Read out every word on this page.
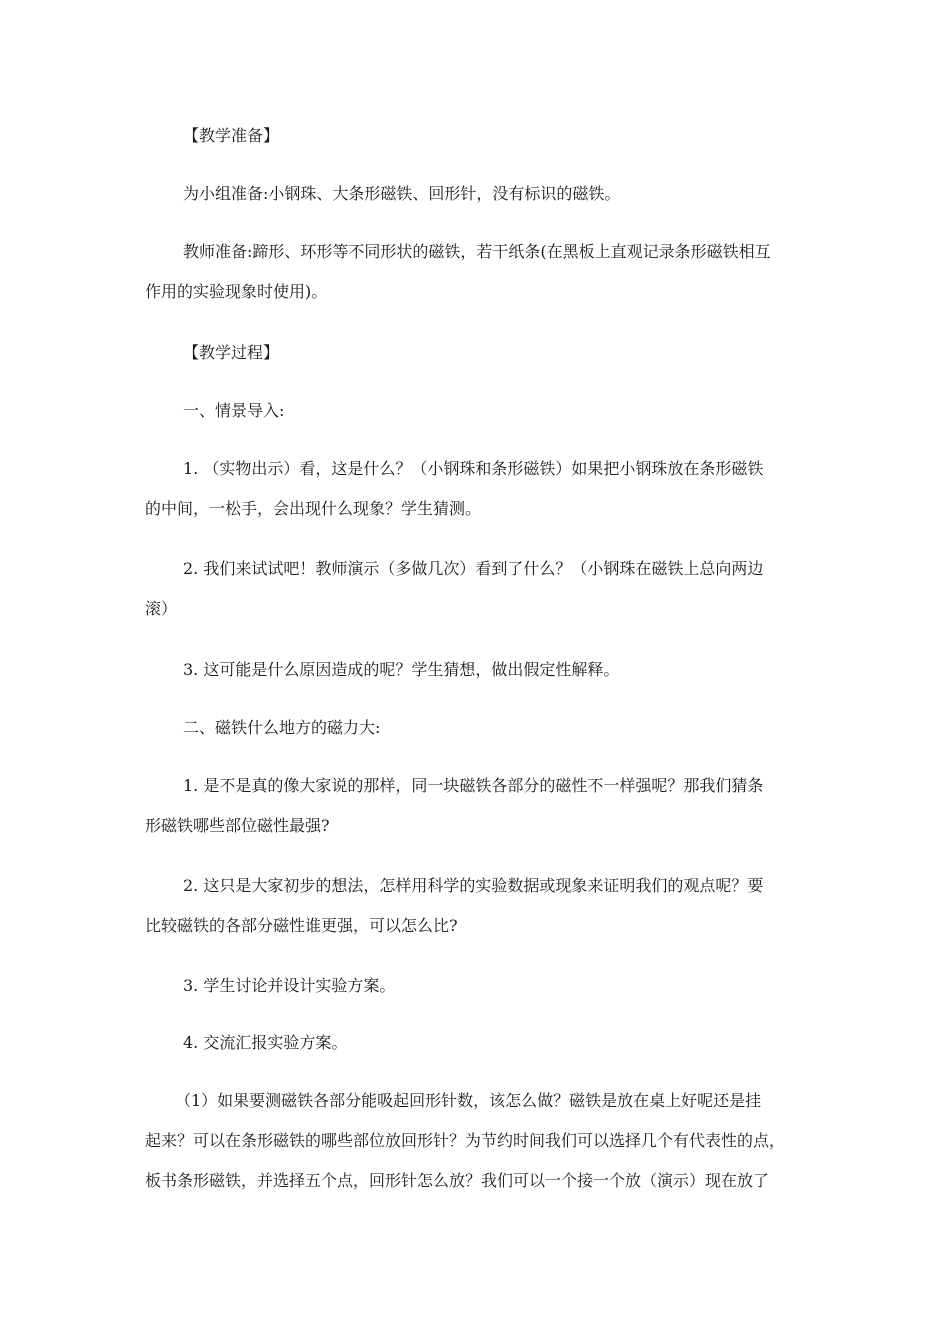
【教学准备】
为小组准备:小钢珠、大条形磁铁、回形针，没有标识的磁铁。
教师准备:蹄形、环形等不同形状的磁铁，若干纸条(在黑板上直观记录条形磁铁相互
作用的实验现象时使用)。
【教学过程】
一、情景导入:
1. （实物出示）看，这是什么？（小钢珠和条形磁铁）如果把小钢珠放在条形磁铁
的中间，一松手，会出现什么现象？学生猜测。
2. 我们来试试吧！教师演示（多做几次）看到了什么？（小钢珠在磁铁上总向两边
滚）
3. 这可能是什么原因造成的呢？学生猜想，做出假定性解释。
二、磁铁什么地方的磁力大:
1. 是不是真的像大家说的那样，同一块磁铁各部分的磁性不一样强呢？那我们猜条
形磁铁哪些部位磁性最强?
2. 这只是大家初步的想法，怎样用科学的实验数据或现象来证明我们的观点呢？要
比较磁铁的各部分磁性谁更强，可以怎么比?
3. 学生讨论并设计实验方案。
4. 交流汇报实验方案。
（1）如果要测磁铁各部分能吸起回形针数，该怎么做？磁铁是放在桌上好呢还是挂
起来？可以在条形磁铁的哪些部位放回形针？为节约时间我们可以选择几个有代表性的点，
板书条形磁铁，并选择五个点，回形针怎么放？我们可以一个接一个放（演示）现在放了
